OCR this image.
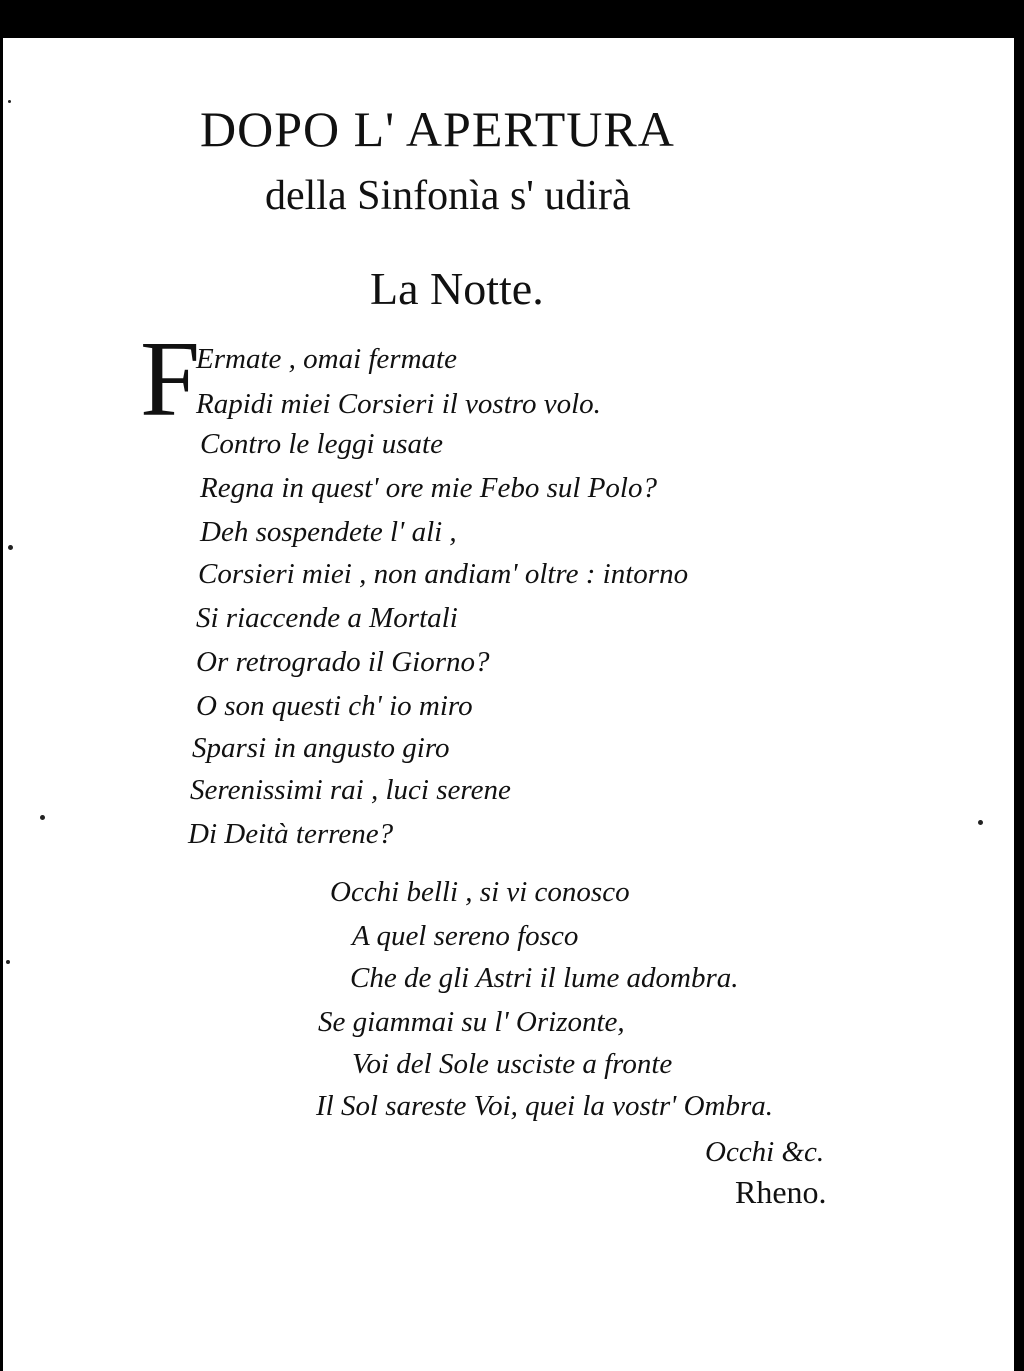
DOPO L' APERTURA
della Sinfonìa s' udirà
La Notte.
F
Ermate , omai fermate
Rapidi miei Corsieri il vostro volo.
Contro le leggi usate
Regna in quest' ore mie Febo sul Polo?
Deh sospendete l' ali ,
Corsieri miei , non andiam' oltre : intorno
Si riaccende a Mortali
Or retrogrado il Giorno?
O son questi ch' io miro
Sparsi in angusto giro
Serenissimi rai , luci serene
Di Deità terrene?
Occhi belli , si vi conosco
A quel sereno fosco
Che de gli Astri il lume adombra.
Se giammai su l' Orizonte,
Voi del Sole usciste a fronte
Il Sol sareste Voi, quei la vostr' Ombra.
Occhi &c.
Rheno.
